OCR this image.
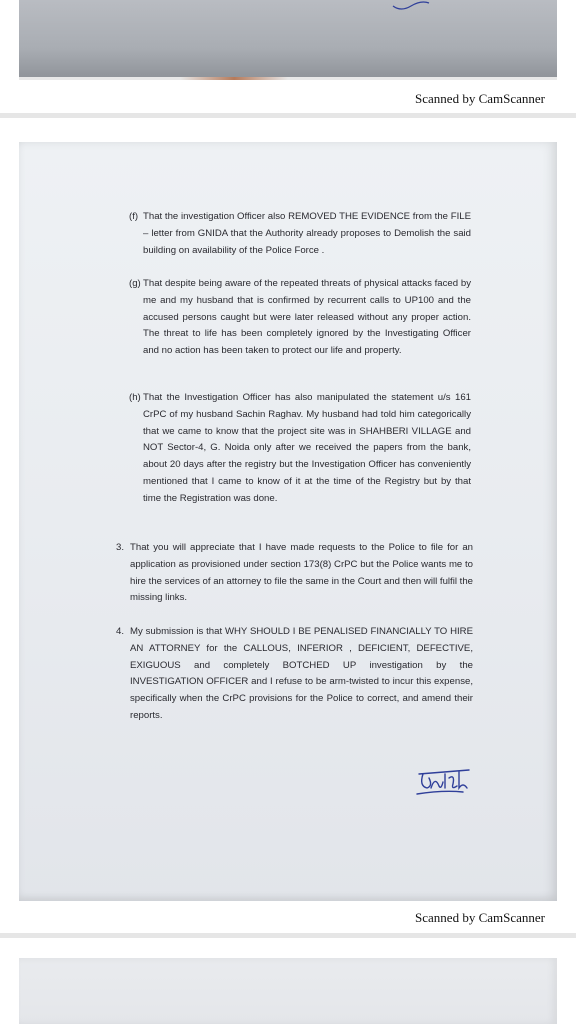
Scanned by CamScanner
(f) That the investigation Officer also REMOVED THE EVIDENCE from the FILE – letter from GNIDA that the Authority already proposes to Demolish the said building on availability of the Police Force .
(g) That despite being aware of the repeated threats of physical attacks faced by me and my husband that is confirmed by recurrent calls to UP100 and the accused persons caught but were later released without any proper action. The threat to life has been completely ignored by the Investigating Officer and no action has been taken to protect our life and property.
(h) That the Investigation Officer has also manipulated the statement u/s 161 CrPC of my husband Sachin Raghav. My husband had told him categorically that we came to know that the project site was in SHAHBERI VILLAGE and NOT Sector-4, G. Noida only after we received the papers from the bank, about 20 days after the registry but the Investigation Officer has conveniently mentioned that I came to know of it at the time of the Registry but by that time the Registration was done.
3. That you will appreciate that I have made requests to the Police to file for an application as provisioned under section 173(8) CrPC but the Police wants me to hire the services of an attorney to file the same in the Court and then will fulfil the missing links.
4. My submission is that WHY SHOULD I BE PENALISED FINANCIALLY TO HIRE AN ATTORNEY for the CALLOUS, INFERIOR , DEFICIENT, DEFECTIVE, EXIGUOUS and completely BOTCHED UP investigation by the INVESTIGATION OFFICER and I refuse to be arm-twisted to incur this expense, specifically when the CrPC provisions for the Police to correct, and amend their reports.
Scanned by CamScanner
